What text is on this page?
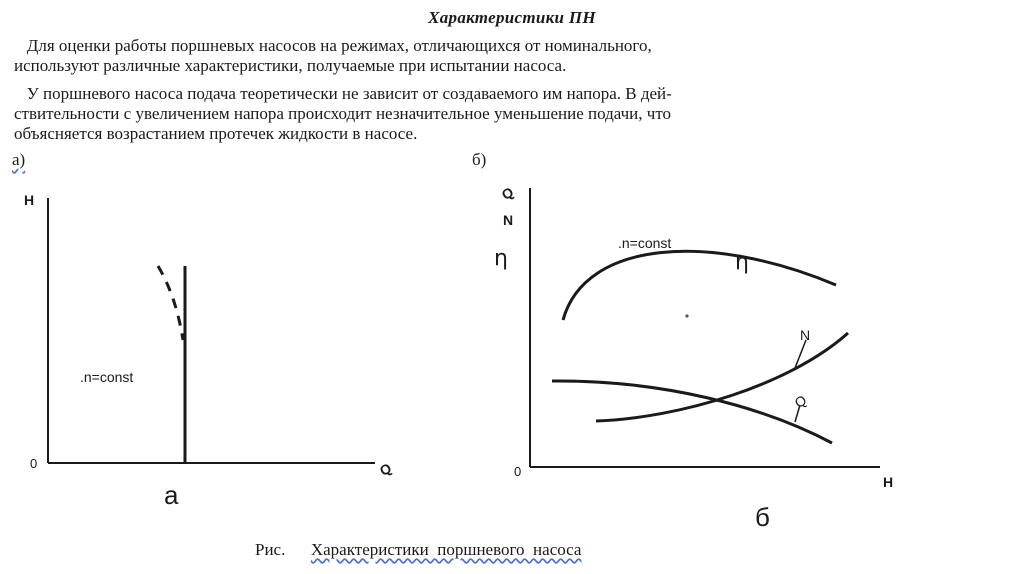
Характеристики ПН
Для оценки работы поршневых насосов на режимах, отличающихся от номинального,
используют различные характеристики, получаемые при испытании насоса.
У поршневого насоса подача теоретически не зависит от создаваемого им напора. В дей-
ствительности с увеличением напора происходит незначительное уменьшение подачи, что
объясняется возрастанием протечек жидкости в насосе.
а)	б)
H
Q
0
.n=const
Q
N
H
0
.n=const
N
Q
η	η
а
б
Рис. Характеристики  поршневого  насоса
